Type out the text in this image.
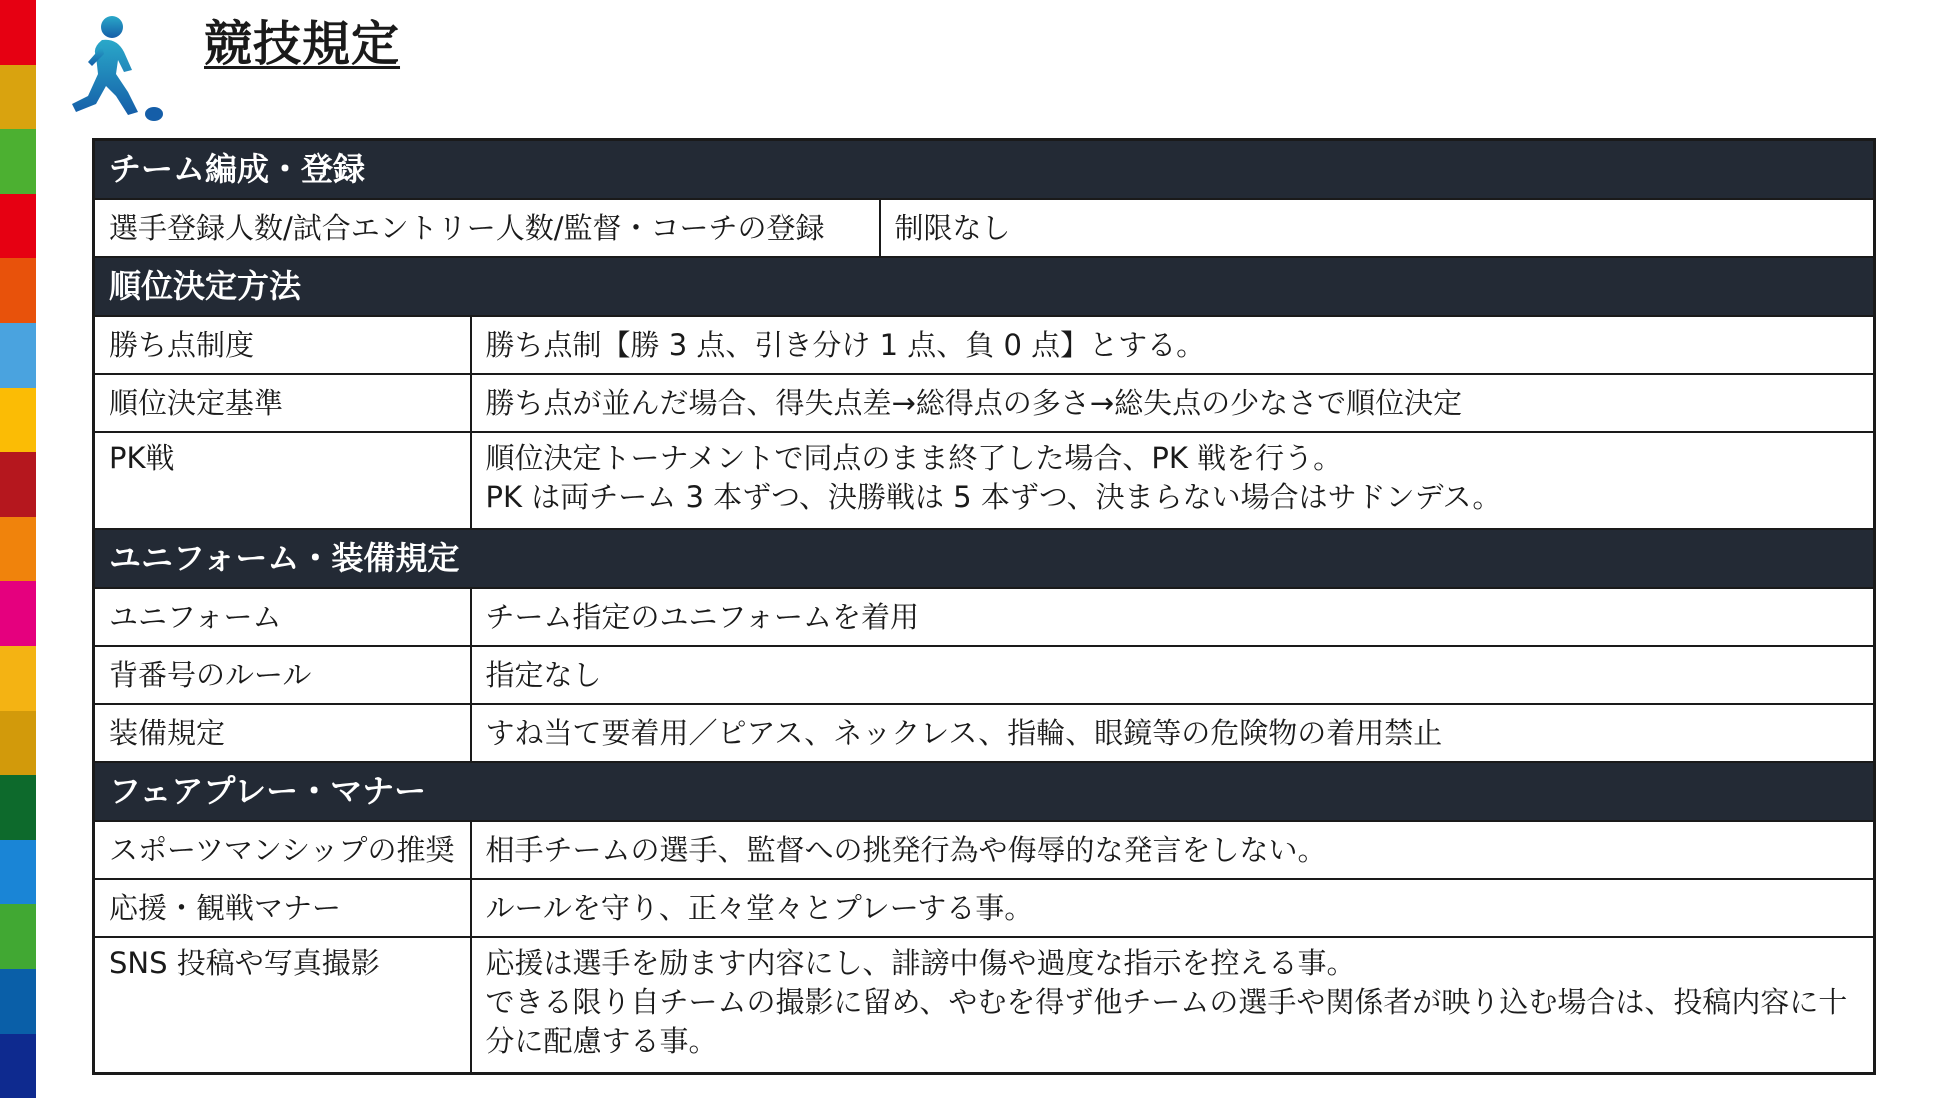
競技規定
チーム編成・登録		
選手登録人数/試合エントリー人数/監督・コーチの登録		制限なし
順位決定方法		
勝ち点制度	勝ち点制【勝 3 点、引き分け 1 点、負 0 点】とする。	
順位決定基準	勝ち点が並んだ場合、得失点差→総得点の多さ→総失点の少なさで順位決定	
PK戦	順位決定トーナメントで同点のまま終了した場合、PK 戦を行う。
PK は両チーム 3 本ずつ、決勝戦は 5 本ずつ、決まらない場合はサドンデス。	

ユニフォーム・装備規定		
ユニフォーム	チーム指定のユニフォームを着用	
背番号のルール	指定なし	
装備規定	すね当て要着用／ピアス、ネックレス、指輪、眼鏡等の危険物の着用禁止	
フェアプレー・マナー		
スポーツマンシップの推奨	相手チームの選手、監督への挑発行為や侮辱的な発言をしない。	
応援・観戦マナー	ルールを守り、正々堂々とプレーする事。	
SNS 投稿や写真撮影	応援は選手を励ます内容にし、誹謗中傷や過度な指示を控える事。
できる限り自チームの撮影に留め、やむを得ず他チームの選手や関係者が映り込む場合は、投稿内容に十
分に配慮する事。	
